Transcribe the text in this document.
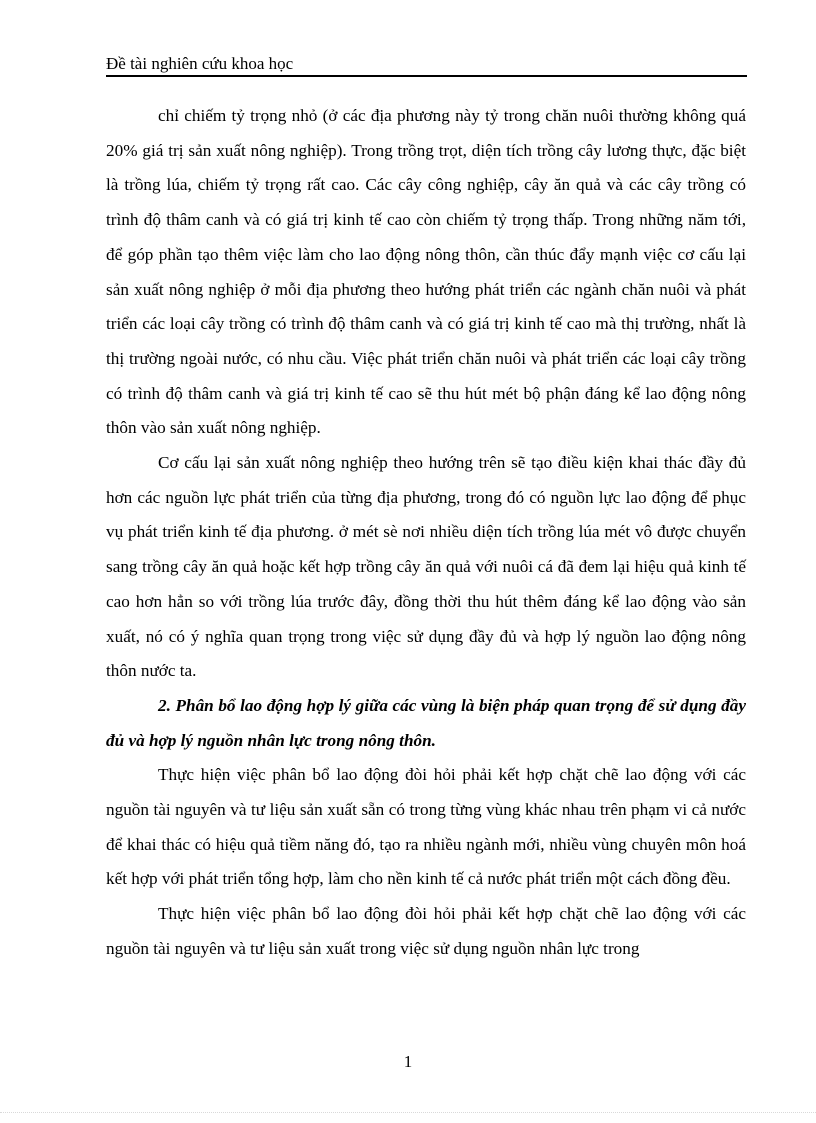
Đề tài nghiên cứu khoa học

chỉ chiếm tỷ trọng nhỏ (ở các địa phương này tỷ trong chăn nuôi thường không quá 20% giá trị sản xuất nông nghiệp). Trong trồng trọt, diện tích trồng cây lương thực, đặc biệt là trồng lúa, chiếm tỷ trọng rất cao. Các cây công nghiệp, cây ăn quả và các cây trồng có trình độ thâm canh và có giá trị kinh tế cao còn chiếm tỷ trọng thấp. Trong những năm tới, để góp phần tạo thêm việc làm cho lao động nông thôn, cần thúc đẩy mạnh việc cơ cấu lại sản xuất nông nghiệp ở mỗi địa phương theo hướng phát triển các ngành chăn nuôi và phát triển các loại cây trồng có trình độ thâm canh và có giá trị kinh tế cao mà thị trường, nhất là thị trường ngoài nước, có nhu cầu. Việc phát triển chăn nuôi và phát triển các loại cây trồng có trình độ thâm canh và giá trị kinh tế cao sẽ thu hút mét bộ phận đáng kể lao động nông thôn vào sản xuất nông nghiệp.

Cơ cấu lại sản xuất nông nghiệp theo hướng trên sẽ tạo điều kiện khai thác đầy đủ hơn các nguồn lực phát triển của từng địa phương, trong đó có nguồn lực lao động để phục vụ phát triển kinh tế địa phương. ở mét sè nơi nhiều diện tích trồng lúa mét vô được chuyển sang trồng cây ăn quả hoặc kết hợp trồng cây ăn quả với nuôi cá đã đem lại hiệu quả kinh tế cao hơn hẳn so với trồng lúa trước đây, đồng thời thu hút thêm đáng kể lao động vào sản xuất, nó có ý nghĩa quan trọng trong việc sử dụng đầy đủ và hợp lý nguồn lao động nông thôn nước ta.

2. Phân bổ lao động hợp lý giữa các vùng là biện pháp quan trọng để sử dụng đầy đủ và hợp lý nguồn nhân lực trong nông thôn.

Thực hiện việc phân bổ lao động đòi hỏi phải kết hợp chặt chẽ lao động với các nguồn tài nguyên và tư liệu sản xuất sẵn có trong từng vùng khác nhau trên phạm vi cả nước để khai thác có hiệu quả tiềm năng đó, tạo ra nhiều ngành mới, nhiều vùng chuyên môn hoá kết hợp với phát triển tổng hợp, làm cho nền kinh tế cả nước phát triển một cách đồng đều.

Thực hiện việc phân bổ lao động đòi hỏi phải kết hợp chặt chẽ lao động với các nguồn tài nguyên và tư liệu sản xuất trong việc sử dụng nguồn nhân lực trong

1
